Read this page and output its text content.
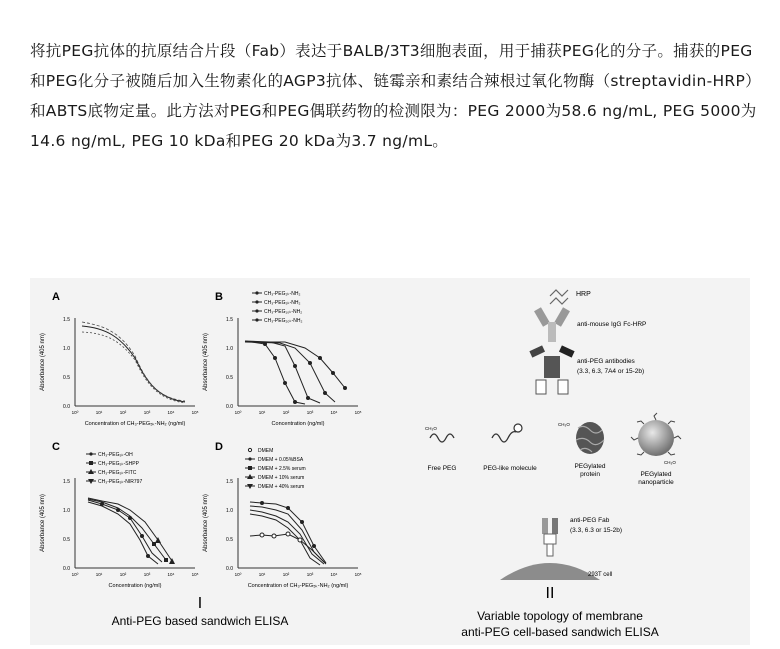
将抗PEG抗体的抗原结合片段（Fab）表达于BALB/3T3细胞表面，用于捕获PEG化的分子。捕获的PEG和PEG化分子被随后加入生物素化的AGP3抗体、链霉亲和素结合辣根过氧化物酶（streptavidin-HRP）和ABTS底物定量。此方法对PEG和PEG偶联药物的检测限为：PEG 2000为58.6 ng/mL, PEG 5000为14.6 ng/mL, PEG 10 kDa和PEG 20 kDa为3.7 ng/mL。

A
Absorbance (405 nm)
0.0
0.5
1.0
1.5
10⁰	10¹	10²	10³	10⁴	10⁵
Concentration of CH₃-PEG₅ₖ-NH₂ (ng/ml)
B
Absorbance (405 nm)
0.0
0.5
1.0
1.5
10⁰	10¹	10²	10³	10⁴	10⁵
CH₃-PEG₂ₖ-NH₂
CH₃-PEG₅ₖ-NH₂
CH₃-PEG₁₀ₖ-NH₂
CH₃-PEG₂₀ₖ-NH₂
Concentration (ng/ml)
C
Absorbance (405 nm)
0.0
0.5
1.0
1.5
10⁰	10¹	10²	10³	10⁴	10⁵
CH₃-PEG₅ₖ-OH
CH₃-PEG₅ₖ-SHPP
CH₃-PEG₅ₖ-FITC
CH₃-PEG₅ₖ-NIR797
Concentration (ng/ml)
D
Absorbance (405 nm)
0.0
0.5
1.0
1.5
10⁰	10¹	10²	10³	10⁴	10⁵
DMEM
DMEM + 0.05%BSA
DMEM + 2.5% serum
DMEM + 10% serum
DMEM + 40% serum
Concentration of CH₃-PEG₅ₖ-NH₂ (ng/ml)
I
Anti-PEG based sandwich ELISA
HRP
anti-mouse IgG Fc-HRP
anti-PEG antibodies
(3.3, 6.3, 7A4 or 15-2b)
CH₃O
Free PEG	PEG-like molecule
CH₃O
PEGylated
protein
CH₃O
PEGylated
nanoparticle
anti-PEG Fab
(3.3, 6.3 or 15-2b)
293T cell
II
Variable topology of membrane
anti-PEG cell-based sandwich ELISA
